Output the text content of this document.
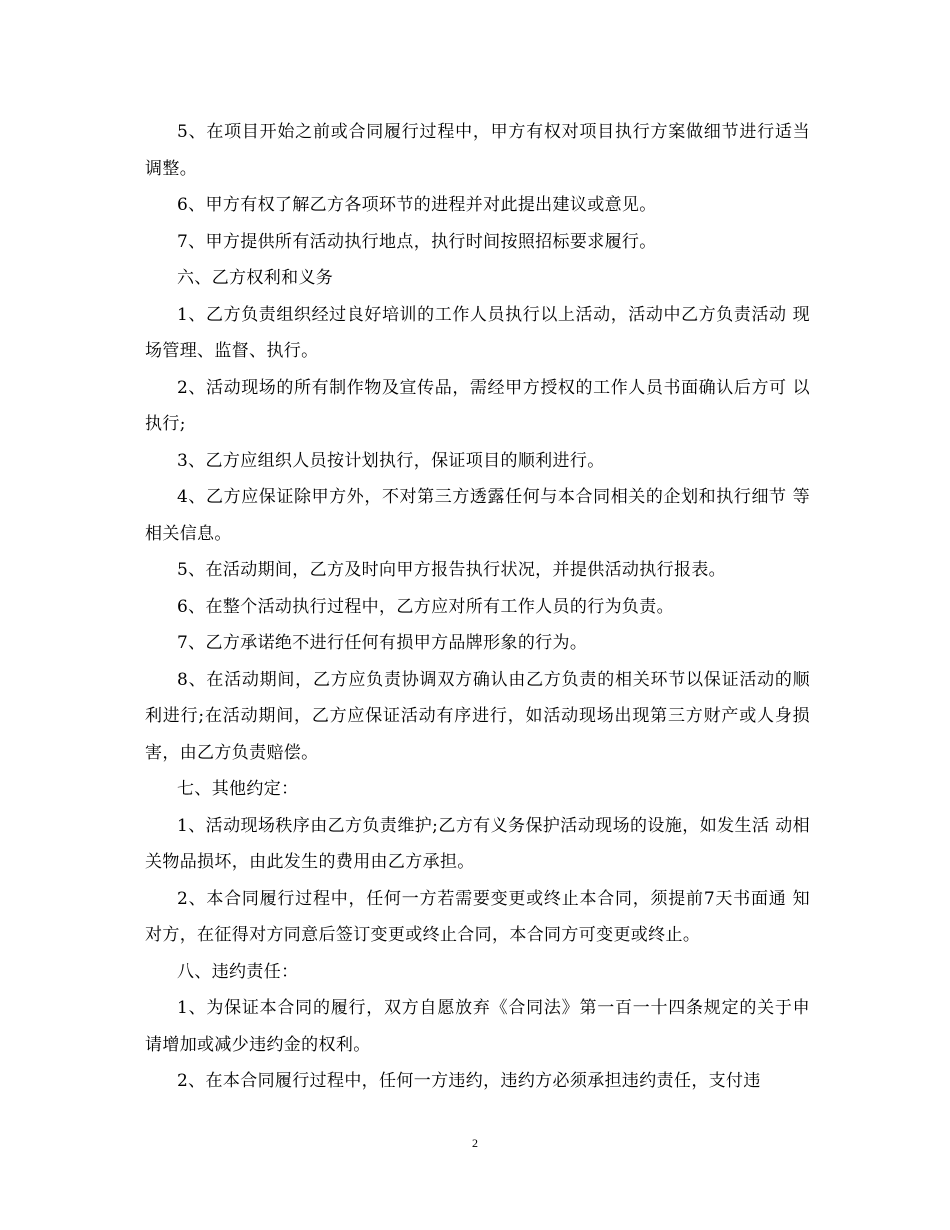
5、在项目开始之前或合同履行过程中，甲方有权对项目执行方案做细节进行适当调整。

6、甲方有权了解乙方各项环节的进程并对此提出建议或意见。

7、甲方提供所有活动执行地点，执行时间按照招标要求履行。

六、乙方权利和义务

1、乙方负责组织经过良好培训的工作人员执行以上活动，活动中乙方负责活动 现场管理、监督、执行。

2、活动现场的所有制作物及宣传品，需经甲方授权的工作人员书面确认后方可 以执行;

3、乙方应组织人员按计划执行，保证项目的顺利进行。

4、乙方应保证除甲方外，不对第三方透露任何与本合同相关的企划和执行细节 等相关信息。

5、在活动期间，乙方及时向甲方报告执行状况，并提供活动执行报表。

6、在整个活动执行过程中，乙方应对所有工作人员的行为负责。

7、乙方承诺绝不进行任何有损甲方品牌形象的行为。

8、在活动期间，乙方应负责协调双方确认由乙方负责的相关环节以保证活动的顺利进行;在活动期间，乙方应保证活动有序进行，如活动现场出现第三方财产或人身损害，由乙方负责赔偿。

七、其他约定：

1、活动现场秩序由乙方负责维护;乙方有义务保护活动现场的设施，如发生活 动相关物品损坏，由此发生的费用由乙方承担。

2、本合同履行过程中，任何一方若需要变更或终止本合同，须提前7天书面通 知对方，在征得对方同意后签订变更或终止合同，本合同方可变更或终止。

八、违约责任：

1、为保证本合同的履行，双方自愿放弃《合同法》第一百一十四条规定的关于申请增加或减少违约金的权利。

2、在本合同履行过程中，任何一方违约，违约方必须承担违约责任，支付违

2
